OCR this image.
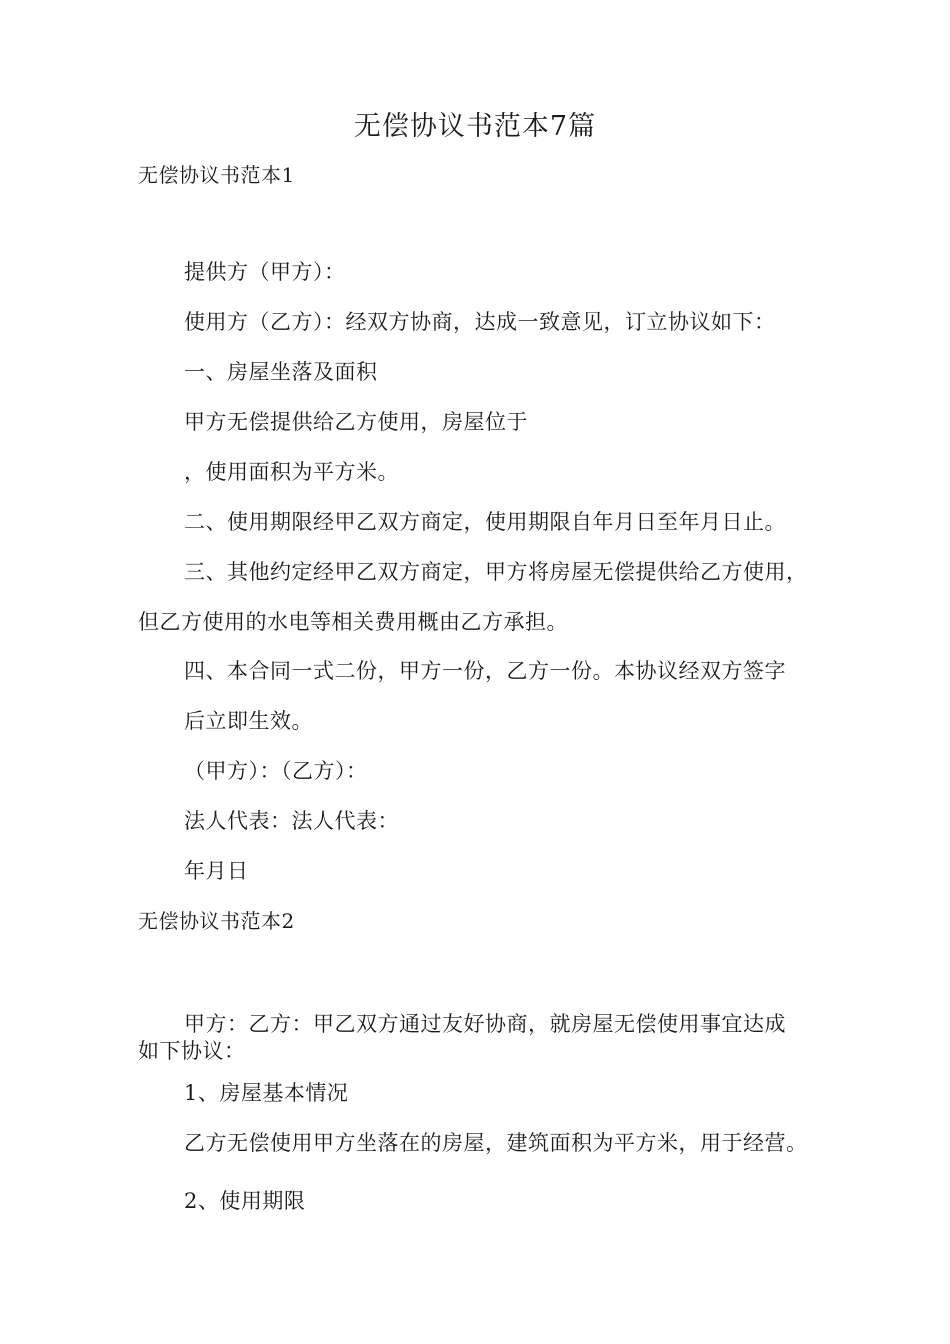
无偿协议书范本7篇
无偿协议书范本1
提供方（甲方）：
使用方（乙方）：经双方协商，达成一致意见，订立协议如下：
一、房屋坐落及面积
甲方无偿提供给乙方使用，房屋位于
，使用面积为平方米。
二、使用期限经甲乙双方商定，使用期限自年月日至年月日止。
三、其他约定经甲乙双方商定，甲方将房屋无偿提供给乙方使用，
但乙方使用的水电等相关费用概由乙方承担。
四、本合同一式二份，甲方一份，乙方一份。本协议经双方签字
后立即生效。
（甲方）：（乙方）：
法人代表：法人代表：
年月日
无偿协议书范本2
甲方：乙方：甲乙双方通过友好协商，就房屋无偿使用事宜达成
如下协议：
1、房屋基本情况
乙方无偿使用甲方坐落在的房屋，建筑面积为平方米，用于经营。
2、使用期限
